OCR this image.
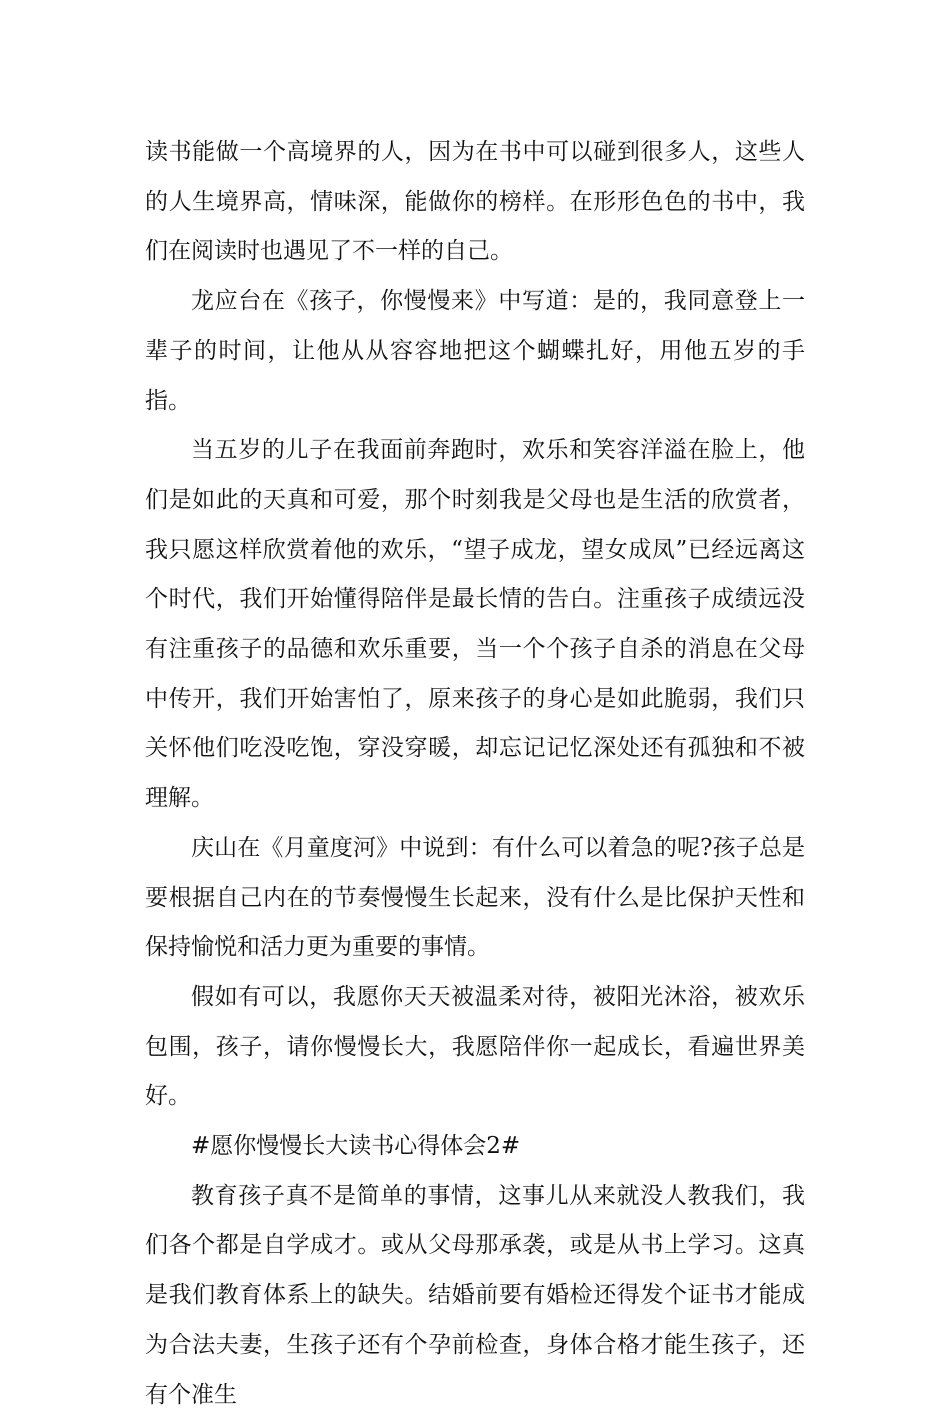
读书能做一个高境界的人，因为在书中可以碰到很多人，这些人的人生境界高，情味深，能做你的榜样。在形形色色的书中，我们在阅读时也遇见了不一样的自己。

龙应台在《孩子，你慢慢来》中写道：是的，我同意登上一辈子的时间，让他从从容容地把这个蝴蝶扎好，用他五岁的手指。

当五岁的儿子在我面前奔跑时，欢乐和笑容洋溢在脸上，他们是如此的天真和可爱，那个时刻我是父母也是生活的欣赏者，我只愿这样欣赏着他的欢乐，“望子成龙，望女成凤”已经远离这个时代，我们开始懂得陪伴是最长情的告白。注重孩子成绩远没有注重孩子的品德和欢乐重要，当一个个孩子自杀的消息在父母中传开，我们开始害怕了，原来孩子的身心是如此脆弱，我们只关怀他们吃没吃饱，穿没穿暖，却忘记记忆深处还有孤独和不被理解。

庆山在《月童度河》中说到：有什么可以着急的呢?孩子总是要根据自己内在的节奏慢慢生长起来，没有什么是比保护天性和保持愉悦和活力更为重要的事情。

假如有可以，我愿你天天被温柔对待，被阳光沐浴，被欢乐包围，孩子，请你慢慢长大，我愿陪伴你一起成长，看遍世界美好。

#愿你慢慢长大读书心得体会2#

教育孩子真不是简单的事情，这事儿从来就没人教我们，我们各个都是自学成才。或从父母那承袭，或是从书上学习。这真是我们教育体系上的缺失。结婚前要有婚检还得发个证书才能成为合法夫妻，生孩子还有个孕前检查，身体合格才能生孩子，还有个准生
